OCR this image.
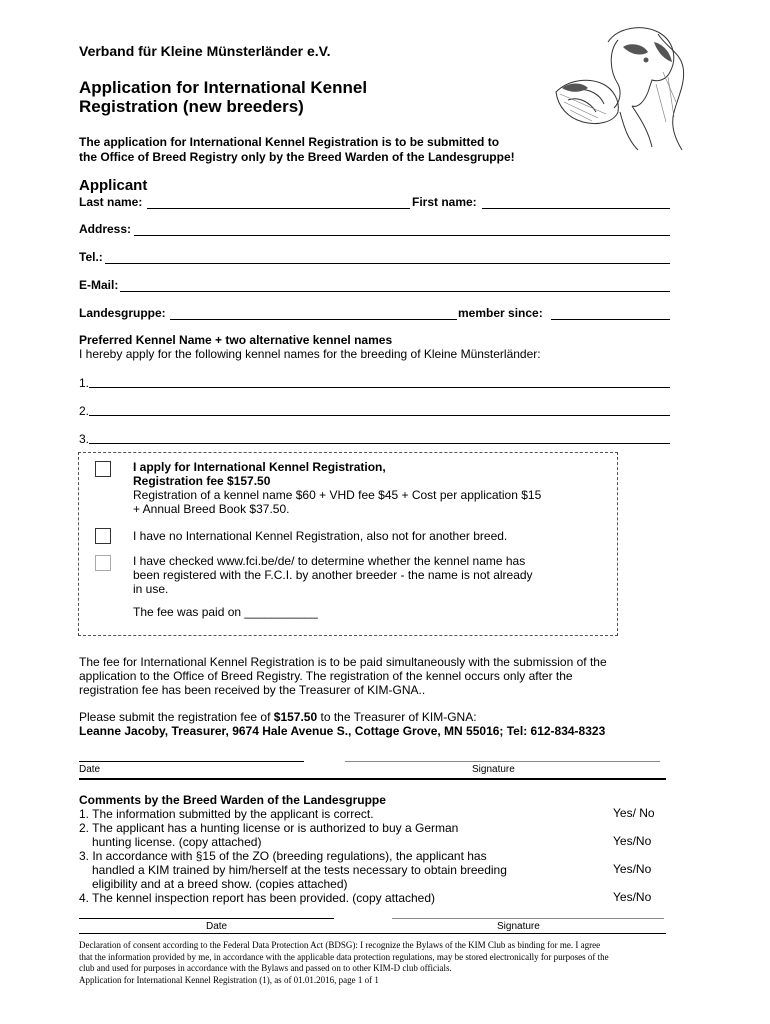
Verband für Kleine Münsterländer e.V.
Application for International Kennel
Registration (new breeders)
The application for International Kennel Registration is to be submitted to
the Office of Breed Registry only by the Breed Warden of the Landesgruppe!
Applicant
Last name:	First name:
Address:
Tel.:
E-Mail:
Landesgruppe:	member since:
Preferred Kennel Name + two alternative kennel names
I hereby apply for the following kennel names for the breeding of Kleine Münsterländer:
1.
2.
3.
I apply for International Kennel Registration,
Registration fee $157.50
Registration of a kennel name $60 + VHD fee $45 + Cost per application $15
+ Annual Breed Book $37.50.
I have no International Kennel Registration, also not for another breed.
I have checked www.fci.be/de/ to determine whether the kennel name has
been registered with the F.C.I. by another breeder - the name is not already
in use.
The fee was paid on ___________
The fee for International Kennel Registration is to be paid simultaneously with the submission of the
application to the Office of Breed Registry. The registration of the kennel occurs only after the
registration fee has been received by the Treasurer of KIM-GNA..
Please submit the registration fee of $157.50 to the Treasurer of KIM-GNA:
Leanne Jacoby, Treasurer, 9674 Hale Avenue S., Cottage Grove, MN 55016; Tel: 612-834-8323
Date	Signature
Comments by the Breed Warden of the Landesgruppe
1. The information submitted by the applicant is correct.	Yes/ No
2. The applicant has a hunting license or is authorized to buy a German
hunting license. (copy attached)	Yes/No
3. In accordance with §15 of the ZO (breeding regulations), the applicant has
handled a KIM trained by him/herself at the tests necessary to obtain breeding
eligibility and at a breed show. (copies attached)
Yes/No
4. The kennel inspection report has been provided. (copy attached)	Yes/No
Date	Signature
Declaration of consent according to the Federal Data Protection Act (BDSG): I recognize the Bylaws of the KIM Club as binding for me. I agree
that the information provided by me, in accordance with the applicable data protection regulations, may be stored electronically for purposes of the
club and used for purposes in accordance with the Bylaws and passed on to other KIM-D club officials.
Application for International Kennel Registration (1), as of 01.01.2016, page 1 of 1
